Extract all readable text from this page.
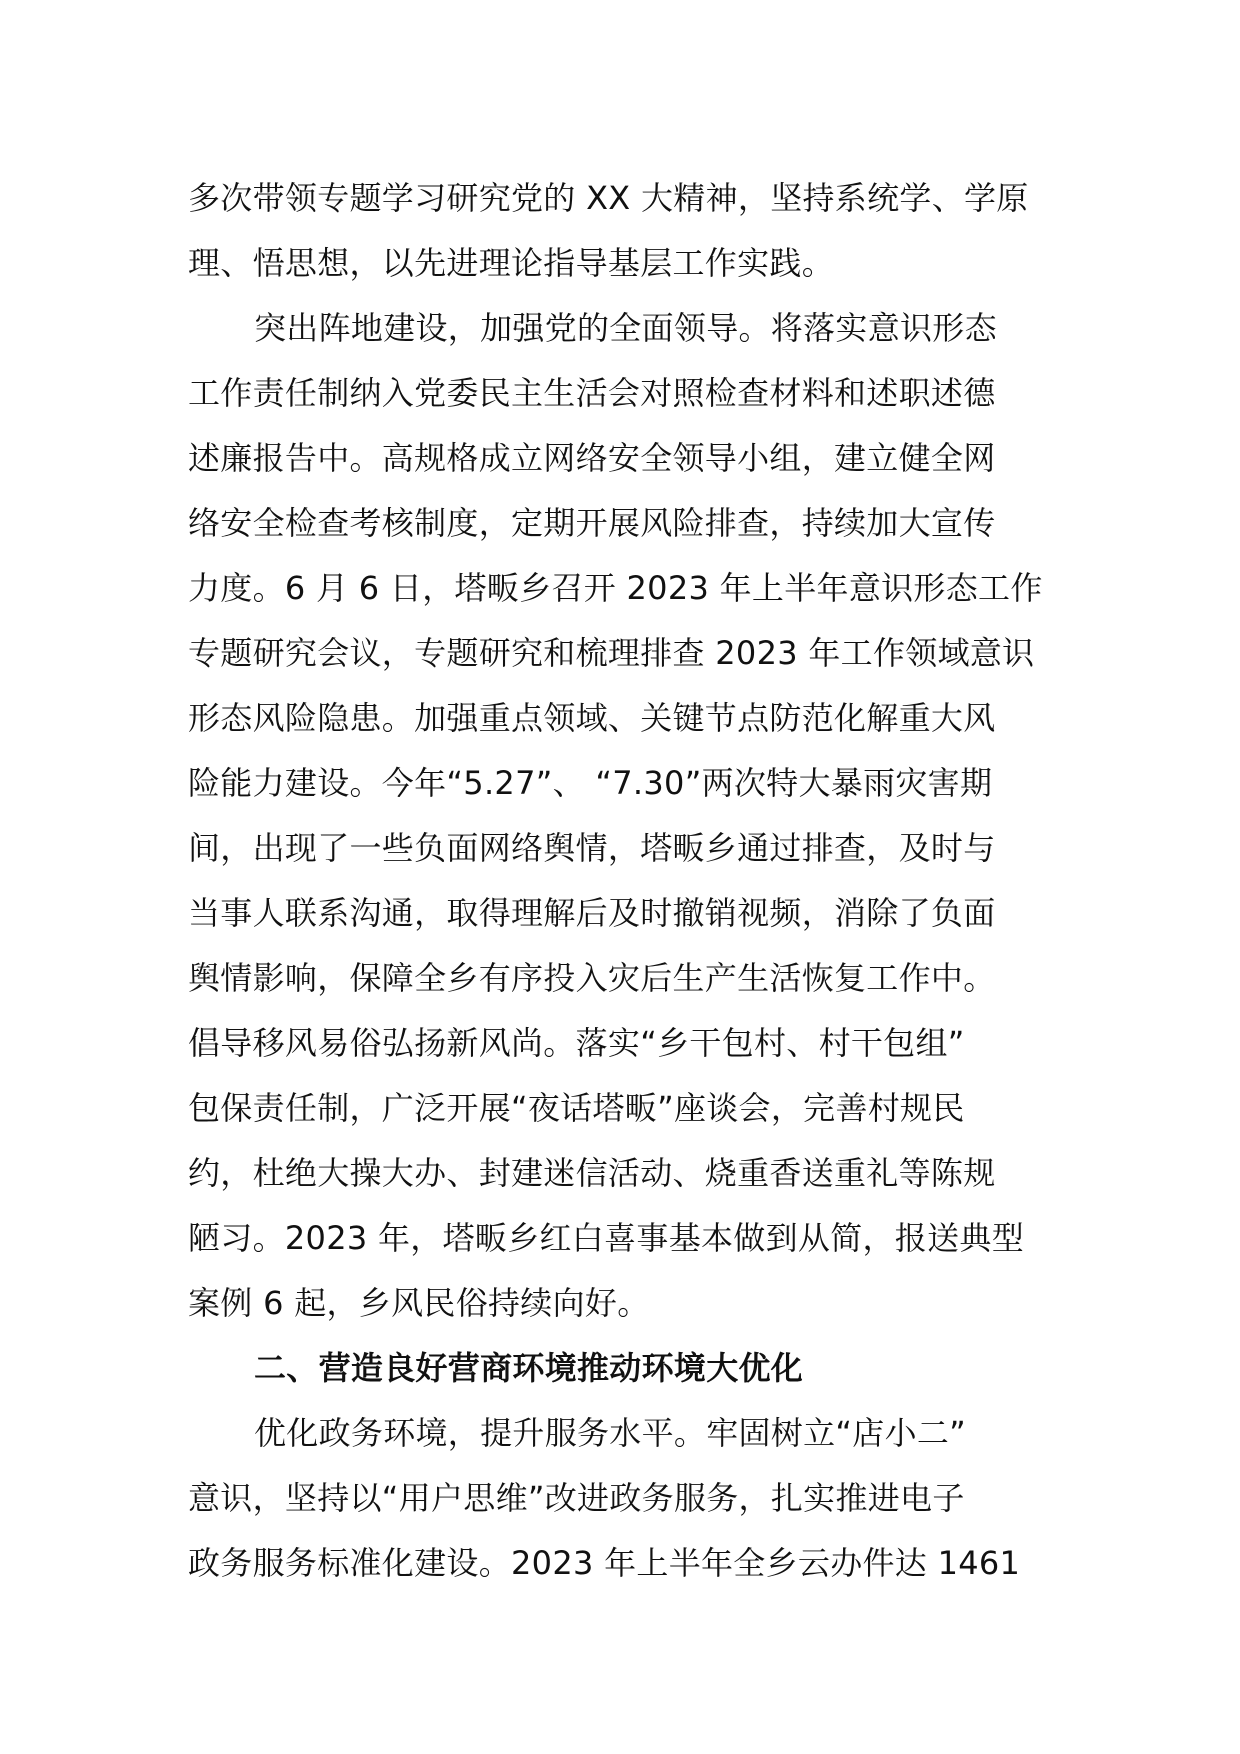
多次带领专题学习研究党的 XX 大精神，坚持系统学、学原
理、悟思想，以先进理论指导基层工作实践。
突出阵地建设，加强党的全面领导。将落实意识形态
工作责任制纳入党委民主生活会对照检查材料和述职述德
述廉报告中。高规格成立网络安全领导小组，建立健全网
络安全检查考核制度，定期开展风险排查，持续加大宣传
力度。6 月 6 日，塔畈乡召开 2023 年上半年意识形态工作
专题研究会议，专题研究和梳理排查 2023 年工作领域意识
形态风险隐患。加强重点领域、关键节点防范化解重大风
险能力建设。今年“5.27”、 “7.30”两次特大暴雨灾害期
间，出现了一些负面网络舆情，塔畈乡通过排查，及时与
当事人联系沟通，取得理解后及时撤销视频，消除了负面
舆情影响，保障全乡有序投入灾后生产生活恢复工作中。
倡导移风易俗弘扬新风尚。落实“乡干包村、村干包组”
包保责任制，广泛开展“夜话塔畈”座谈会，完善村规民
约，杜绝大操大办、封建迷信活动、烧重香送重礼等陈规
陋习。2023 年，塔畈乡红白喜事基本做到从简，报送典型
案例 6 起，乡风民俗持续向好。
二、营造良好营商环境推动环境大优化
优化政务环境，提升服务水平。牢固树立“店小二”
意识，坚持以“用户思维”改进政务服务，扎实推进电子
政务服务标准化建设。2023 年上半年全乡云办件达 1461
